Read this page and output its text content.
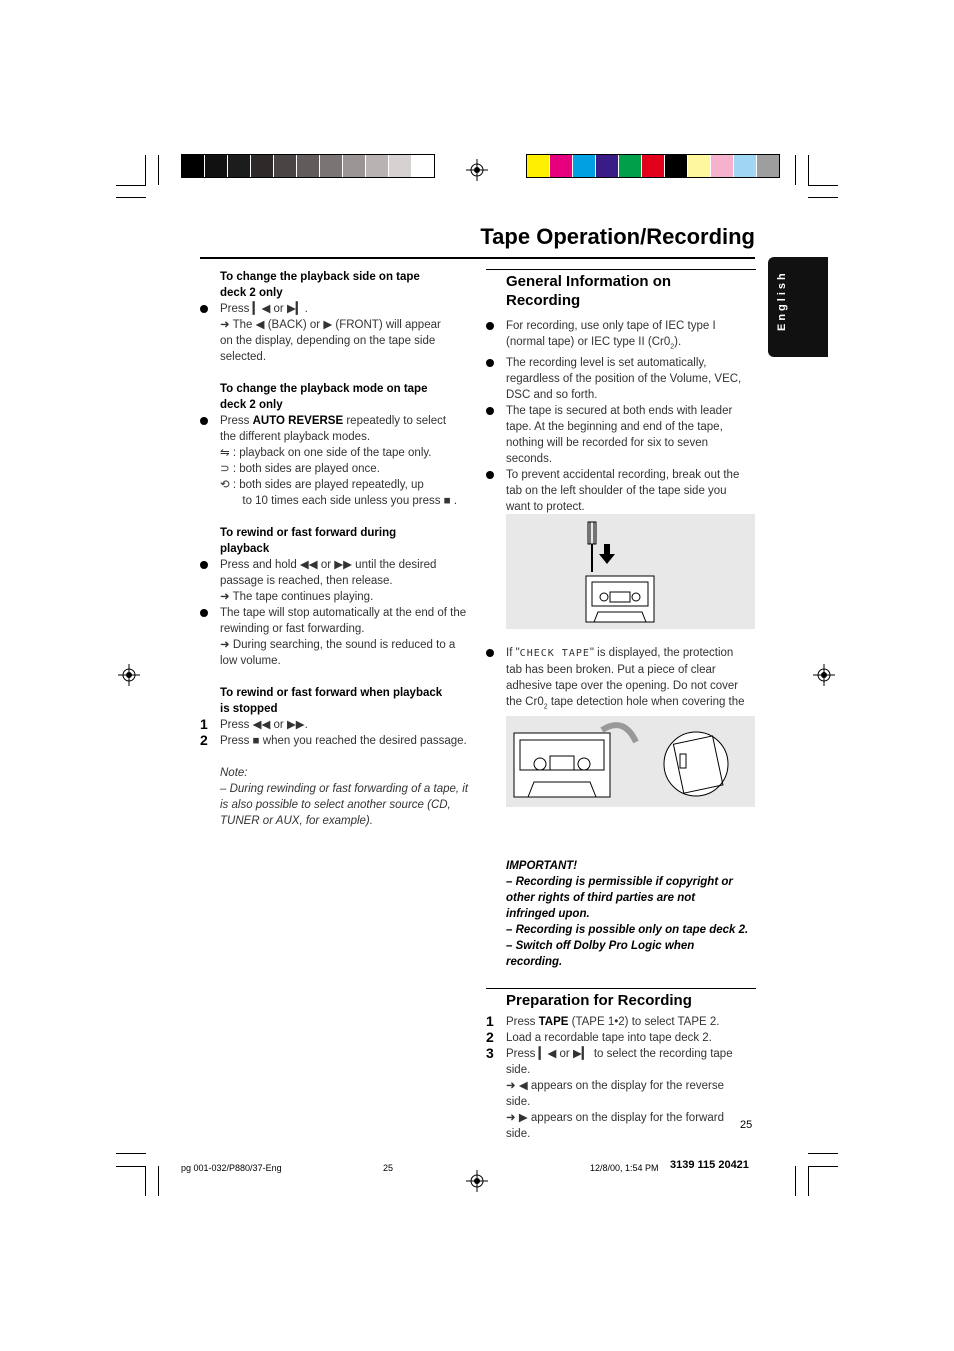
Tape Operation/Recording
English
To change the playback side on tape
deck 2 only
Press ▎◀ or ▶▎.
➜ The ◀ (BACK) or ▶ (FRONT) will appear
on the display, depending on the tape side
selected.
To change the playback mode on tape
deck 2 only
Press AUTO REVERSE repeatedly to select
the different playback modes.
⇋ : playback on one side of the tape only.
⊃ : both sides are played once.
⟲ : both sides are played repeatedly, up
to 10 times each side unless you press ■ .
To rewind or fast forward during
playback
Press and hold ◀◀ or ▶▶ until the desired
passage is reached, then release.
➜ The tape continues playing.
The tape will stop automatically at the end of the
rewinding or fast forwarding.
➜ During searching, the sound is reduced to a
low volume.
To rewind or fast forward when playback
is stopped
1 Press ◀◀ or ▶▶.
2 Press ■ when you reached the desired passage.
Note:
– During rewinding or fast forwarding of a tape, it
is also possible to select another source (CD,
TUNER or AUX, for example).
General Information on
Recording
For recording, use only tape of IEC type I
(normal tape) or IEC type II $(Cr0_2)$.
The recording level is set automatically,
regardless of the position of the Volume, VEC,
DSC and so forth.
The tape is secured at both ends with leader
tape. At the beginning and end of the tape,
nothing will be recorded for six to seven
seconds.
To prevent accidental recording, break out the
tab on the left shoulder of the tape side you
want to protect.
If "CHECK TAPE" is displayed, the protection
tab has been broken. Put a piece of clear
adhesive tape over the opening. Do not cover
the $Cr0_2$ tape detection hole when covering the

IMPORTANT!
– Recording is permissible if copyright or
other rights of third parties are not
infringed upon.
– Recording is possible only on tape deck 2.
– Switch off Dolby Pro Logic when
recording.
Preparation for Recording
1 Press TAPE (TAPE 1•2) to select TAPE 2.
2 Load a recordable tape into tape deck 2.
3 Press ▎◀ or ▶▎ to select the recording tape side.
➜ ◀ appears on the display for the reverse
side.
➜ ▶ appears on the display for the forward
side.
25
pg 001-032/P880/37-Eng	25	12/8/00, 1:54 PM 3139 115 20421
